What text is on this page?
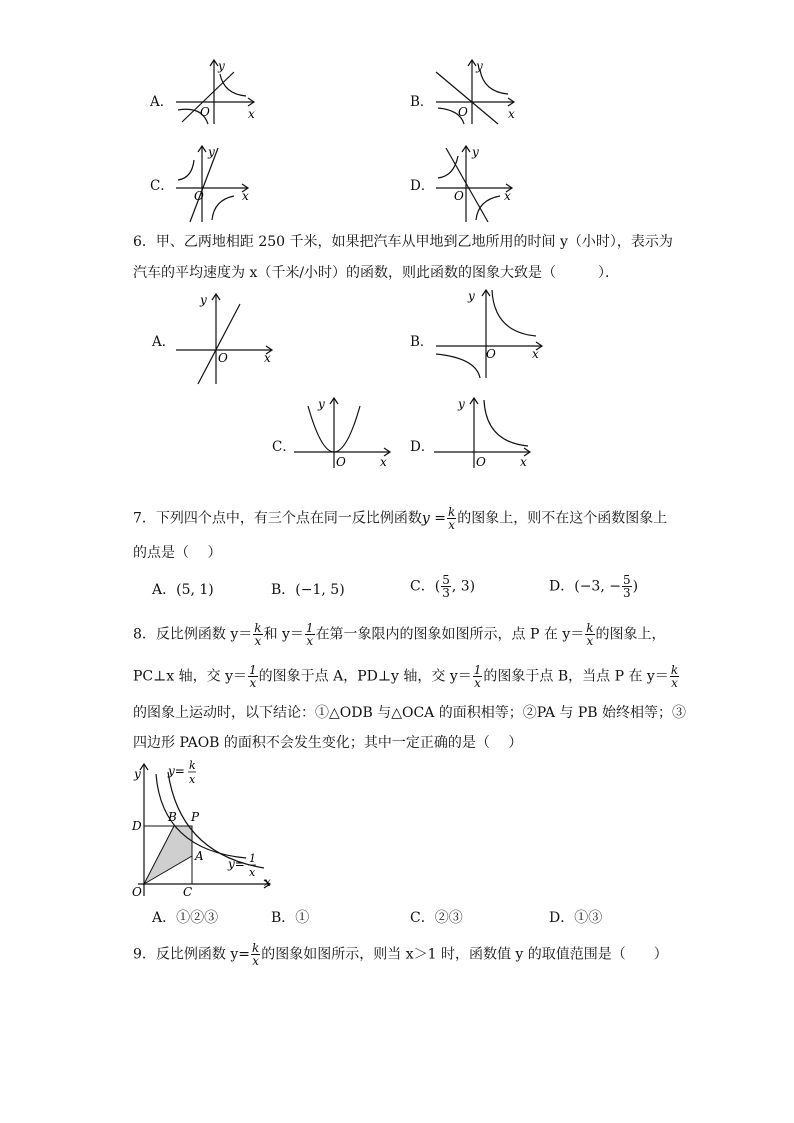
A．
y
x
O
B．
y
x
O
C．
y
x
O
D．
y
x
O
6．甲、乙两地相距 250 千米，如果把汽车从甲地到乙地所用的时间 y（小时），表示为
汽车的平均速度为 x（千米/小时）的函数，则此函数的图象大致是（　　　）．
A．
y
x
O
B．
y
x
O
C．
y
x
O
D．
y
x
O
7．下列四个点中，有三个点在同一反比例函数$y = \frac{k}{x}$ 的图象上，则不在这个函数图象上
的点是（　 ）
A．(5, 1)	B．(−1, 5)	C．( $\frac{5}{3}$ , 3)	D．(−3, − $\frac{5}{3}$ )
8．反比例函数 $y= \frac{k}{x}$ 和 $y= \frac{1}{x}$ 在第一象限内的图象如图所示，点 P 在 $y= \frac{k}{x}$ 的图象上，
PC⊥x 轴，交 $y= \frac{1}{x}$ 的图象于点 A，PD⊥y 轴，交 $y= \frac{1}{x}$ 的图象于点 B，当点 P 在 $y= \frac{k}{x}$
的图象上运动时，以下结论：①△ODB 与△OCA 的面积相等；②PA 与 PB 始终相等；③
四边形 PAOB 的面积不会发生变化；其中一定正确的是（　 ）
y
x
O
D
B P
A
C
y= k
x
y= 1
x
A．①②③	B．①	C．②③	D．①③
9．反比例函数 $y= \frac{k}{x}$ 的图象如图所示，则当 x＞1 时，函数值 y 的取值范围是（　　）
